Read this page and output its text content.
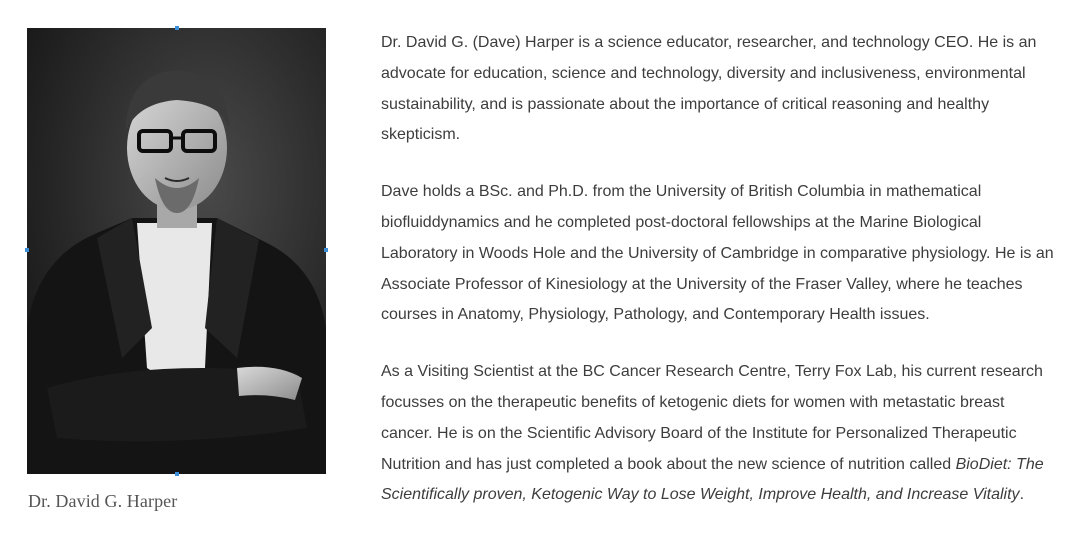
Dr. David G. Harper

Dr. David G. (Dave) Harper is a science educator, researcher, and technology CEO. He is an advocate for education, science and technology, diversity and inclusiveness, environmental sustainability, and is passionate about the importance of critical reasoning and healthy skepticism.

Dave holds a BSc. and Ph.D. from the University of British Columbia in mathematical biofluiddynamics and he completed post-doctoral fellowships at the Marine Biological Laboratory in Woods Hole and the University of Cambridge in comparative physiology. He is an Associate Professor of Kinesiology at the University of the Fraser Valley, where he teaches courses in Anatomy, Physiology, Pathology, and Contemporary Health issues.

As a Visiting Scientist at the BC Cancer Research Centre, Terry Fox Lab, his current research focusses on the therapeutic benefits of ketogenic diets for women with metastatic breast cancer. He is on the Scientific Advisory Board of the Institute for Personalized Therapeutic Nutrition and has just completed a book about the new science of nutrition called BioDiet: The Scientifically proven, Ketogenic Way to Lose Weight, Improve Health, and Increase Vitality.
